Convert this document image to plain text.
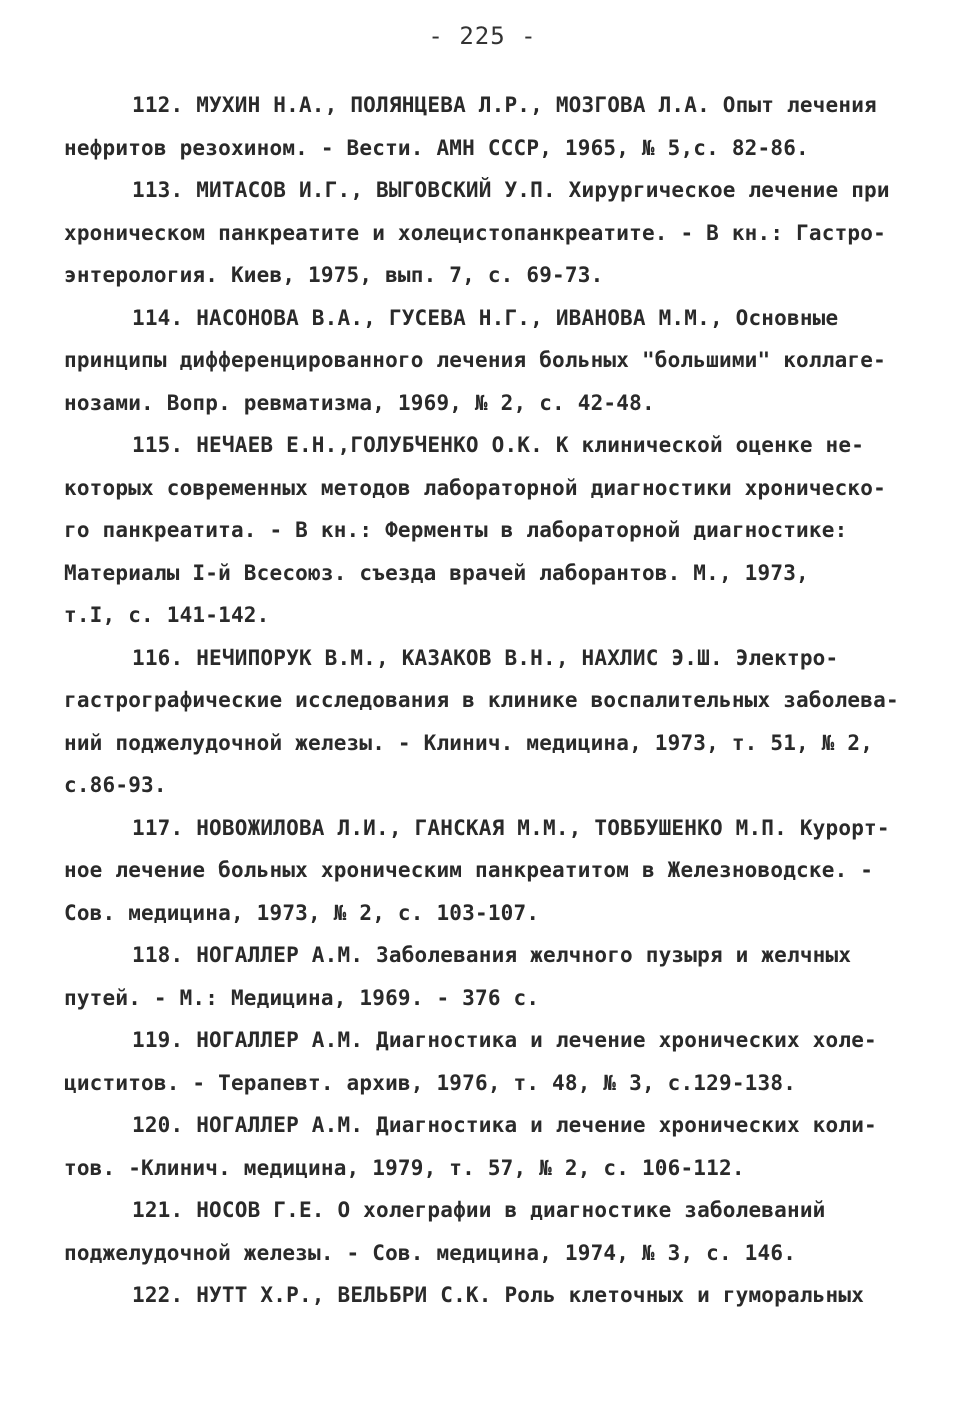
- 225 -
112. МУХИН Н.А., ПОЛЯНЦЕВА Л.Р., МОЗГОВА Л.А. Опыт лечения
нефритов резохином. - Вести. АМН СССР, 1965, № 5,с. 82-86.
113. МИТАСОВ И.Г., ВЫГОВСКИЙ У.П. Хирургическое лечение при
хроническом панкреатите и холецистопанкреатите. - В кн.: Гастро-
энтерология. Киев, 1975, вып. 7, с. 69-73.
114. НАСОНОВА В.А., ГУСЕВА Н.Г., ИВАНОВА М.М., Основные
принципы дифференцированного лечения больных "большими" коллаге-
нозами. Вопр. ревматизма, 1969, № 2, с. 42-48.
115. НЕЧАЕВ Е.Н.,ГОЛУБЧЕНКО О.К. К клинической оценке не-
которых современных методов лабораторной диагностики хроническо-
го панкреатита. - В кн.: Ферменты в лабораторной диагностике:
Материалы I-й Всесоюз. съезда врачей лаборантов. М., 1973,
т.I, с. 141-142.
116. НЕЧИПОРУК В.М., КАЗАКОВ В.Н., НАХЛИС Э.Ш. Электро-
гастрографические исследования в клинике воспалительных заболева-
ний поджелудочной железы. - Клинич. медицина, 1973, т. 51, № 2,
с.86-93.
117. НОВОЖИЛОВА Л.И., ГАНСКАЯ М.М., ТОВБУШЕНКО М.П. Курорт-
ное лечение больных хроническим панкреатитом в Железноводске. -
Сов. медицина, 1973, № 2, с. 103-107.
118. НОГАЛЛЕР А.М. Заболевания желчного пузыря и желчных
путей. - М.: Медицина, 1969. - 376 с.
119. НОГАЛЛЕР А.М. Диагностика и лечение хронических холе-
циститов. - Терапевт. архив, 1976, т. 48, № 3, с.129-138.
120. НОГАЛЛЕР А.М. Диагностика и лечение хронических коли-
тов. -Клинич. медицина, 1979, т. 57, № 2, с. 106-112.
121. НОСОВ Г.Е. О холеграфии в диагностике заболеваний
поджелудочной железы. - Сов. медицина, 1974, № 3, с. 146.
122. НУТТ Х.Р., ВЕЛЬБРИ С.К. Роль клеточных и гуморальных
